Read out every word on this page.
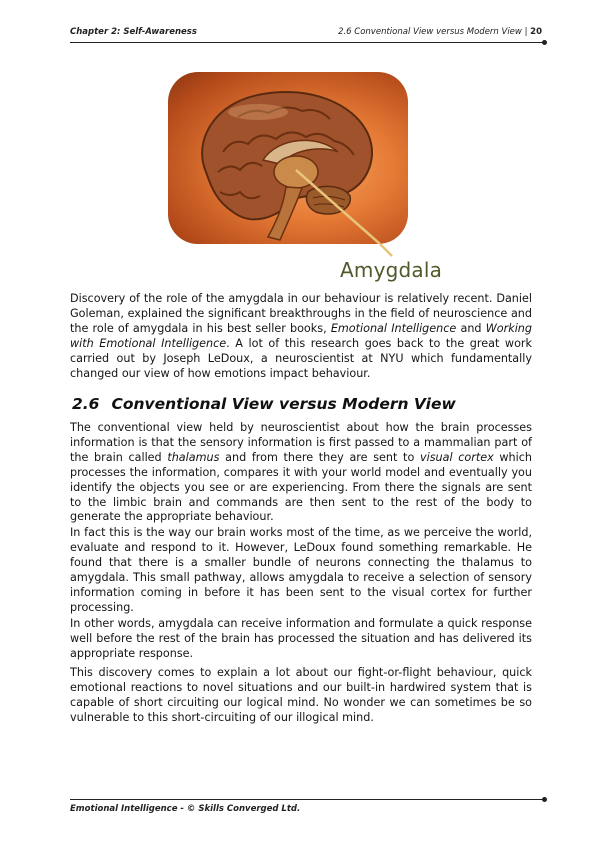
Chapter 2: Self-Awareness	2.6 Conventional View versus Modern View | 20
Amygdala

Discovery of the role of the amygdala in our behaviour is relatively recent. Daniel Goleman, explained the significant breakthroughs in the field of neuroscience and the role of amygdala in his best seller books, Emotional Intelligence and Working with Emotional Intelligence. A lot of this research goes back to the great work carried out by Joseph LeDoux, a neuroscientist at NYU which fundamentally changed our view of how emotions impact behaviour.

2.6 Conventional View versus Modern View

The conventional view held by neuroscientist about how the brain processes information is that the sensory information is first passed to a mammalian part of the brain called thalamus and from there they are sent to visual cortex which processes the information, compares it with your world model and eventually you identify the objects you see or are experiencing. From there the signals are sent to the limbic brain and commands are then sent to the rest of the body to generate the appropriate behaviour.

In fact this is the way our brain works most of the time, as we perceive the world, evaluate and respond to it. However, LeDoux found something remarkable. He found that there is a smaller bundle of neurons connecting the thalamus to amygdala. This small pathway, allows amygdala to receive a selection of sensory information coming in before it has been sent to the visual cortex for further processing.

In other words, amygdala can receive information and formulate a quick response well before the rest of the brain has processed the situation and has delivered its appropriate response.

This discovery comes to explain a lot about our fight-or-flight behaviour, quick emotional reactions to novel situations and our built-in hardwired system that is capable of short circuiting our logical mind. No wonder we can sometimes be so vulnerable to this short-circuiting of our illogical mind.

Emotional Intelligence - © Skills Converged Ltd.
